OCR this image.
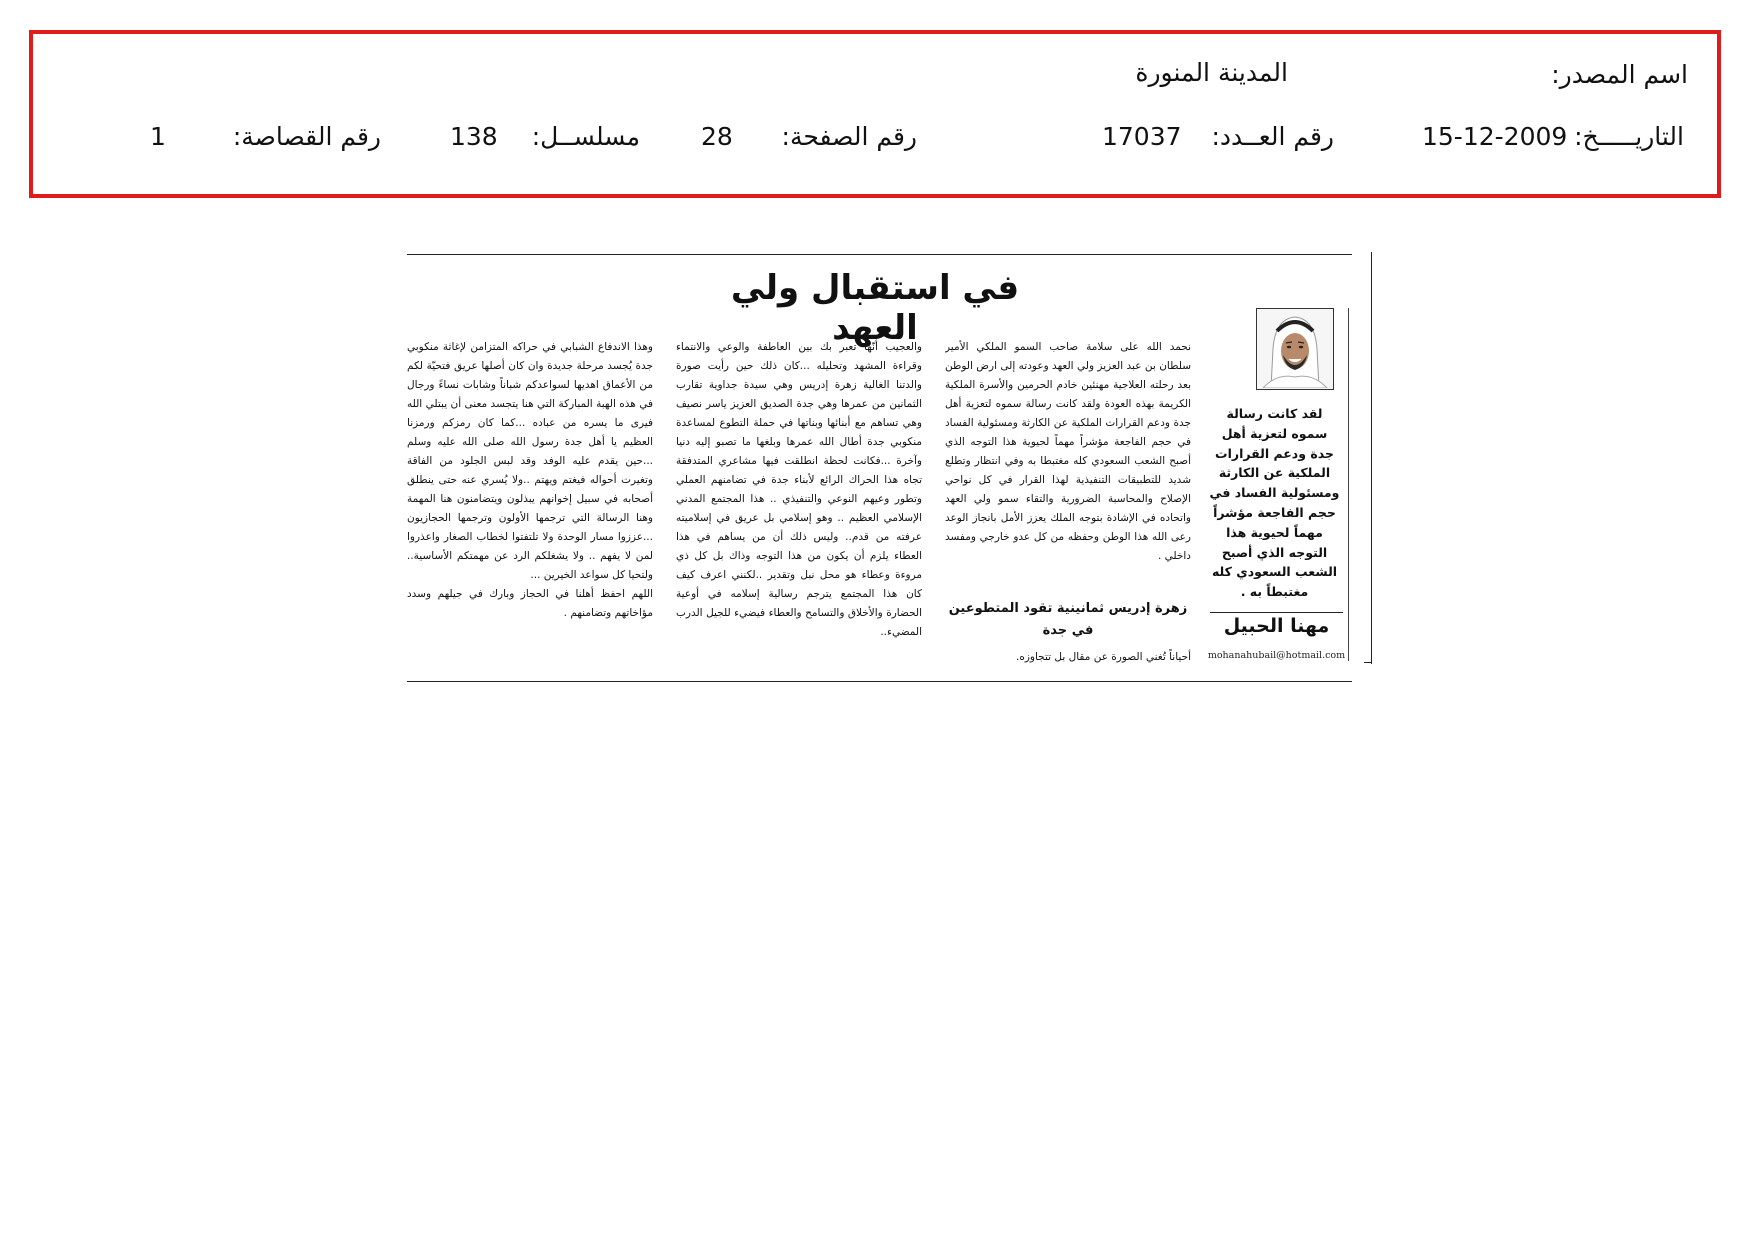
اسم المصدر:
المدينة المنورة
التاريـــــخ:
15-12-2009
رقم العــدد:
17037
رقم الصفحة:
28
مسلســل:
138
رقم القصاصة:
1
في استقبال ولي العهد
لقد كانت رسالة سموه لتعزية أهل جدة ودعم القرارات الملكية عن الكارثة ومسئولية الفساد في حجم الفاجعة مؤشراً مهماً لحيوية هذا التوجه الذي أصبح الشعب السعودي كله مغتبطاً به .
مهنا الحبيل
mohanahubail@hotmail.com

نحمد الله على سلامة صاحب السمو الملكي الأمير سلطان بن عبد العزيز ولي العهد وعودته إلى ارض الوطن بعد رحلته العلاجية مهنئين خادم الحرمين والأسرة الملكية الكريمة بهذه العودة ولقد كانت رسالة سموه لتعزية أهل جدة ودعم القرارات الملكية عن الكارثة ومسئولية الفساد في حجم الفاجعة مؤشراً مهماً لحيوية هذا التوجه الذي أصبح الشعب السعودي كله مغتبطا به وفي انتظار وتطلع شديد للتطبيقات التنفيذية لهذا القرار في كل نواحي الإصلاح والمحاسبة الضرورية والتقاء سمو ولي العهد واتحاده في الإشادة بتوجه الملك يعزز الأمل بانجاز الوعد رعى الله هذا الوطن وحفظه من كل عدو خارجي ومفسد داخلي .

زهرة إدريس ثمانينية تقود المتطوعين في جدة
أحياناً تُغني الصورة عن مقال بل تتجاوزه.

والعجيب أنّها تعبر بك بين العاطفة والوعي والانتماء وقراءة المشهد وتحليله ...كان ذلك حين رأيت صورة والدتنا الغالية زهرة إدريس وهي سيدة جداوية تقارب الثمانين من عمرها وهي جدة الصديق العزيز ياسر نصيف وهي تساهم مع أبنائها وبناتها في حملة التطوع لمساعدة منكوبي جدة أطال الله عمرها وبلغها ما تصبو إليه دنيا وآخرة ...فكانت لحظة انطلقت فيها مشاعري المتدفقة تجاه هذا الحراك الرائع لأبناء جدة في تضامنهم العملي وتطور وعيهم النوعي والتنفيذي .. هذا المجتمع المدني الإسلامي العظيم .. وهو إسلامي بل عريق في إسلاميته عرفته من قدم.. وليس ذلك أن من يساهم في هذا العطاء يلزم أن يكون من هذا التوجه وذاك بل كل ذي مروءة وعطاء هو محل نبل وتقدير ..لكنني اعرف كيف كان هذا المجتمع يترجم رسالية إسلامه في أوعية الحضارة والأخلاق والتسامح والعطاء فيضيء للجيل الدرب المضيء..

وهذا الاندفاع الشبابي في حراكه المتزامن لإغاثة منكوبي جدة يُجسد مرحلة جديدة وان كان أصلها عريق فتحيّة لكم من الأعماق اهديها لسواعدكم شباناً وشابات نساءً ورجال في هذه الهبة المباركة التي هنا يتجسد معنى أن يبتلي الله فيرى ما يسره من عباده ...كما كان رمزكم ورمزنا العظيم يا أهل جدة رسول الله صلى الله عليه وسلم ...حين يقدم عليه الوفد وقد لبس الجلود من الفاقة وتغيرت أحواله فيغتم ويهتم ..ولا يُسري عنه حتى ينطلق أصحابه في سبيل إخوانهم يبذلون ويتضامنون هنا المهمة وهنا الرسالة التي ترجمها الأولون وترجمها الحجازيون ...عززوا مسار الوحدة ولا تلتفتوا لخطاب الصغار واعذروا لمن لا يفهم .. ولا يشغلكم الرد عن مهمتكم الأساسية.. ولتحيا كل سواعد الخيرين ...

اللهم احفظ أهلنا في الحجاز وبارك في جيلهم وسدد مؤاخاتهم وتضامنهم .
